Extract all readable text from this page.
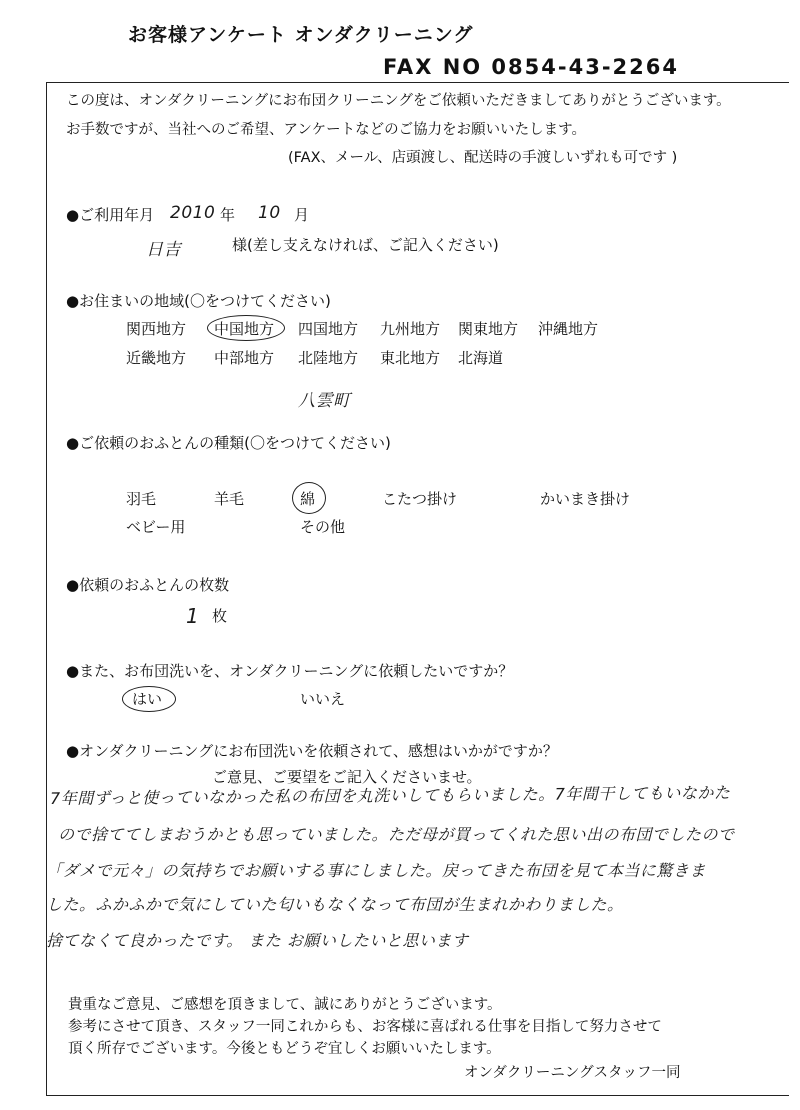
お客様アンケート オンダクリーニング
FAX NO 0854-43-2264
この度は、オンダクリーニングにお布団クリーニングをご依頼いただきましてありがとうございます。
お手数ですが、当社へのご希望、アンケートなどのご協力をお願いいたします。
(FAX、メール、店頭渡し、配送時の手渡しいずれも可です )
●ご利用年月 2010 年 10 月
日吉	様(差し支えなければ、ご記入ください)
●お住まいの地域(〇をつけてください)
関西地方 中国地方 四国地方 九州地方 関東地方 沖縄地方
近畿地方 中部地方 北陸地方 東北地方 北海道
八雲町
●ご依頼のおふとんの種類(〇をつけてください)
羽毛	羊毛	綿	こたつ掛け	かいまき掛け
ベビー用	その他
●依頼のおふとんの枚数
1 枚
●また、お布団洗いを、オンダクリーニングに依頼したいですか？
はい	いいえ
●オンダクリーニングにお布団洗いを依頼されて、感想はいかがですか？
ご意見、ご要望をご記入くださいませ。
7年間ずっと使っていなかった私の布団を丸洗いしてもらいました。7年間干してもいなかた
ので捨ててしまおうかとも思っていました。ただ母が買ってくれた思い出の布団でしたので
「ダメで元々」の気持ちでお願いする事にしました。戻ってきた布団を見て本当に驚きま
した。ふかふかで気にしていた匂いもなくなって布団が生まれかわりました。
捨てなくて良かったです。 また お願いしたいと思います
貴重なご意見、ご感想を頂きまして、誠にありがとうございます。
参考にさせて頂き、スタッフ一同これからも、お客様に喜ばれる仕事を目指して努力させて
頂く所存でございます。今後ともどうぞ宜しくお願いいたします。
オンダクリーニングスタッフ一同
